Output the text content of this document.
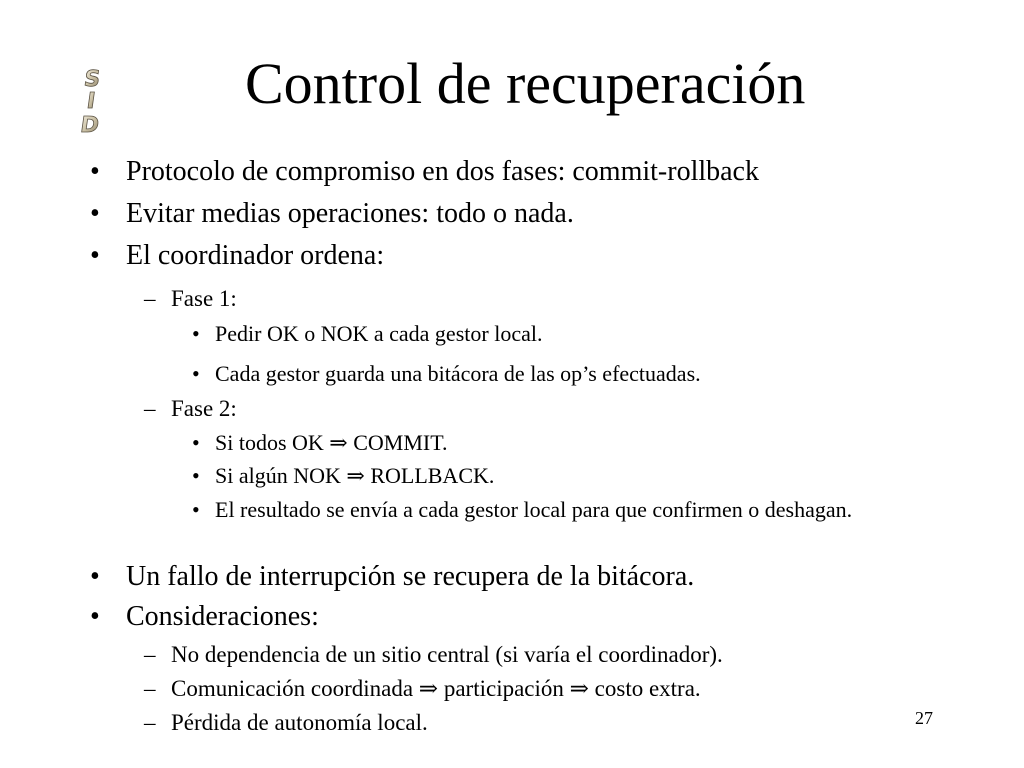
S
I
D
Control de recuperación
• Protocolo de compromiso en dos fases: commit-rollback
• Evitar medias operaciones: todo o nada.
• El coordinador ordena:
– Fase 1:
• Pedir OK o NOK a cada gestor local.
• Cada gestor guarda una bitácora de las op’s efectuadas.
– Fase 2:
• Si todos OK ⇒ COMMIT.
• Si algún NOK ⇒ ROLLBACK.
• El resultado se envía a cada gestor local para que confirmen o deshagan.
• Un fallo de interrupción se recupera de la bitácora.
• Consideraciones:
– No dependencia de un sitio central (si varía el coordinador).
– Comunicación coordinada ⇒ participación ⇒ costo extra.
– Pérdida de autonomía local.	27
